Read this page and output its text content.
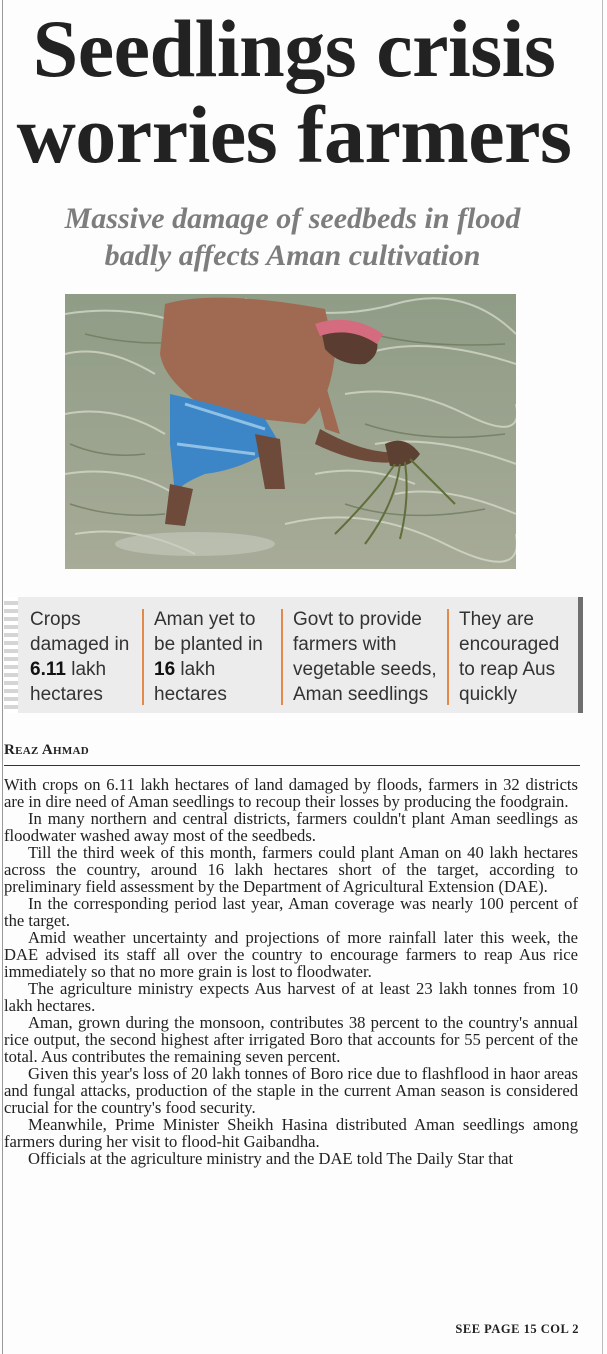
Seedlings crisis
worries farmers
Massive damage of seedbeds in flood
badly affects Aman cultivation
Crops damaged in 6.11 lakh hectares
Aman yet to be planted in 16 lakh hectares
Govt to provide farmers with vegetable seeds, Aman seedlings
They are encouraged to reap Aus quickly
Reaz Ahmad

With crops on 6.11 lakh hectares of land damaged by floods, farmers in 32 districts are in dire need of Aman seedlings to recoup their losses by producing the foodgrain.

In many northern and central districts, farmers couldn't plant Aman seedlings as floodwater washed away most of the seedbeds.

Till the third week of this month, farmers could plant Aman on 40 lakh hectares across the country, around 16 lakh hectares short of the target, according to preliminary field assessment by the Department of Agricultural Extension (DAE).

In the corresponding period last year, Aman coverage was nearly 100 percent of the target.

Amid weather uncertainty and projections of more rainfall later this week, the DAE advised its staff all over the country to encourage farmers to reap Aus rice immediately so that no more grain is lost to floodwater.

The agriculture ministry expects Aus harvest of at least 23 lakh tonnes from 10 lakh hectares.

Aman, grown during the monsoon, contributes 38 percent to the country's annual rice output, the second highest after irrigated Boro that accounts for 55 percent of the total. Aus contributes the remaining seven percent.

Given this year's loss of 20 lakh tonnes of Boro rice due to flashflood in haor areas and fungal attacks, production of the staple in the current Aman season is considered crucial for the country's food security.

Meanwhile, Prime Minister Sheikh Hasina distributed Aman seedlings among farmers during her visit to flood-hit Gaibandha.

Officials at the agriculture ministry and the DAE told The Daily Star that

SEE PAGE 15 COL 2
